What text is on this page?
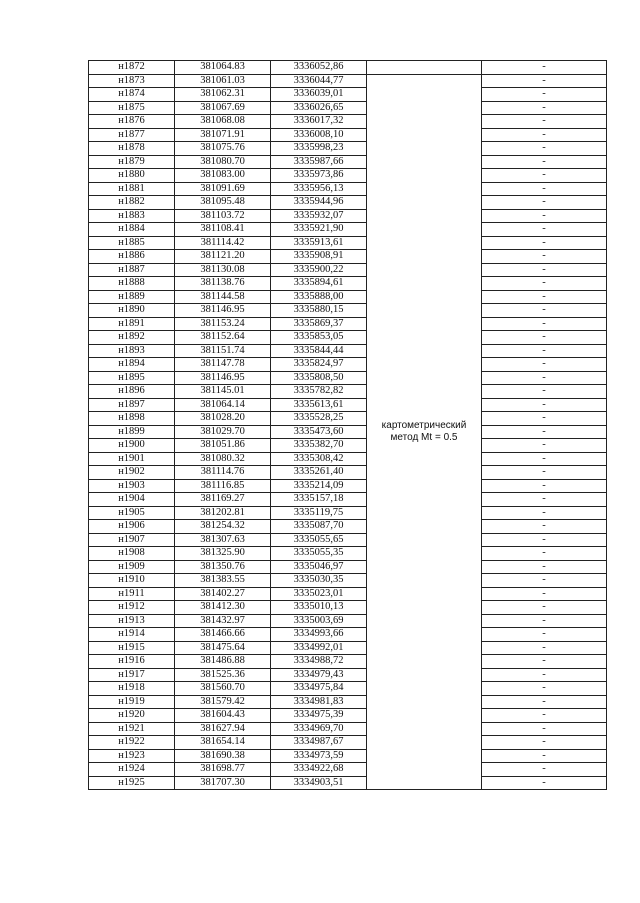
н1872	381064.83	3336052,86		-
н1873	381061.03	3336044,77	картометрический метод Mt = 0.5	-
н1874	381062.31	3336039,01		-
н1875	381067.69	3336026,65		-
н1876	381068.08	3336017,32		-
н1877	381071.91	3336008,10		-
н1878	381075.76	3335998,23		-
н1879	381080.70	3335987,66		-
н1880	381083.00	3335973,86		-
н1881	381091.69	3335956,13		-
н1882	381095.48	3335944,96		-
н1883	381103.72	3335932,07		-
н1884	381108.41	3335921,90		-
н1885	381114.42	3335913,61		-
н1886	381121.20	3335908,91		-
н1887	381130.08	3335900,22		-
н1888	381138.76	3335894,61		-
н1889	381144.58	3335888,00		-
н1890	381146.95	3335880,15		-
н1891	381153.24	3335869,37		-
н1892	381152.64	3335853,05		-
н1893	381151.74	3335844,44		-
н1894	381147.78	3335824,97		-
н1895	381146.95	3335808,50		-
н1896	381145.01	3335782,82		-
н1897	381064.14	3335613,61		-
н1898	381028.20	3335528,25		-
н1899	381029.70	3335473,60		-
н1900	381051.86	3335382,70		-
н1901	381080.32	3335308,42		-
н1902	381114.76	3335261,40		-
н1903	381116.85	3335214,09		-
н1904	381169.27	3335157,18		-
н1905	381202.81	3335119,75		-
н1906	381254.32	3335087,70		-
н1907	381307.63	3335055,65		-
н1908	381325.90	3335055,35		-
н1909	381350.76	3335046,97		-
н1910	381383.55	3335030,35		-
н1911	381402.27	3335023,01		-
н1912	381412.30	3335010,13		-
н1913	381432.97	3335003,69		-
н1914	381466.66	3334993,66		-
н1915	381475.64	3334992,01		-
н1916	381486.88	3334988,72		-
н1917	381525.36	3334979,43		-
н1918	381560.70	3334975,84		-
н1919	381579.42	3334981,83		-
н1920	381604.43	3334975,39		-
н1921	381627.94	3334969,70		-
н1922	381654.14	3334987,67		-
н1923	381690.38	3334973,59		-
н1924	381698.77	3334922,68		-
н1925	381707.30	3334903,51		-
